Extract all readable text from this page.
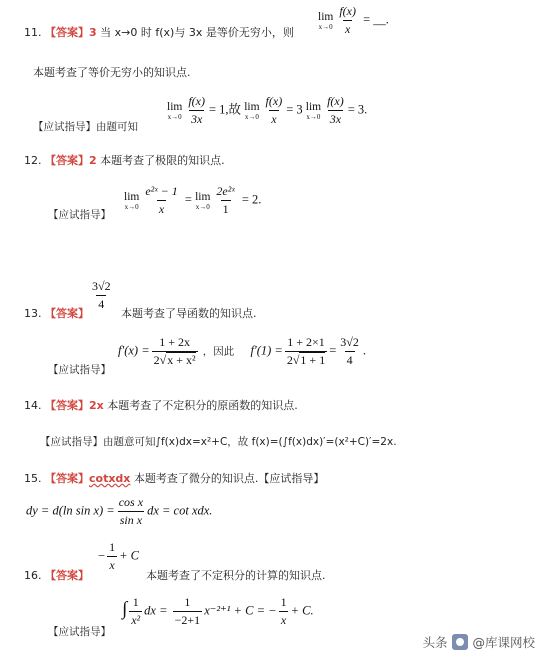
11. 【答案】3 当 x→0 时 f(x)与 3x 是等价无穷小，则
lim
$x\to 0 \frac{f(x)}{x}$ = __.
本题考查了等价无穷小的知识点.
【应试指导】由题可知
lim
$x\to 0 \frac{f(x)}{3x} = 1$,故 lim
$x\to 0 \frac{f(x)}{x} = 3$ lim
$x\to 0 \frac{f(x)}{3x} = 3$.
12. 【答案】2 本题考查了极限的知识点.
【应试指导】
lim
$x\to 0 \frac{\text{e²ˣ − 1}}{x} = \lim$
$x\to 0 \frac{\text{2e²ˣ}}{1} = 2$.
$\frac{3√2}{4}$
13. 【答案】	本题考查了导函数的知识点.
【应试指导】
$f'(x) = \frac{1 + 2x}{\text{2√x + x²}}$ ，因此 $f'(1) = \frac{1 + 2\times 1}{2√1 + 1} = \frac{3√2}{4}$ .
14. 【答案】2x 本题考查了不定积分的原函数的知识点.
【应试指导】由题意可知∫f(x)dx=x²+C，故 f(x)=(∫f(x)dx)′=(x²+C)′=2x.
15. 【答案】cotxdx 本题考查了微分的知识点.【应试指导】
dy = d(ln $\sin x) = \frac{\text{cos x}}{\text{sin x}}$ dx = cot xdx.
− $\frac{1}{x} + C$
16. 【答案】	本题考查了不定积分的计算的知识点.
【应试指导】
∫ $\frac{1}{\text{x²}}$ dx = $\frac{1}{-2+1} x^{-2+1} + C$ = − $\frac{1}{x} + C$.
头条 @库课网校
